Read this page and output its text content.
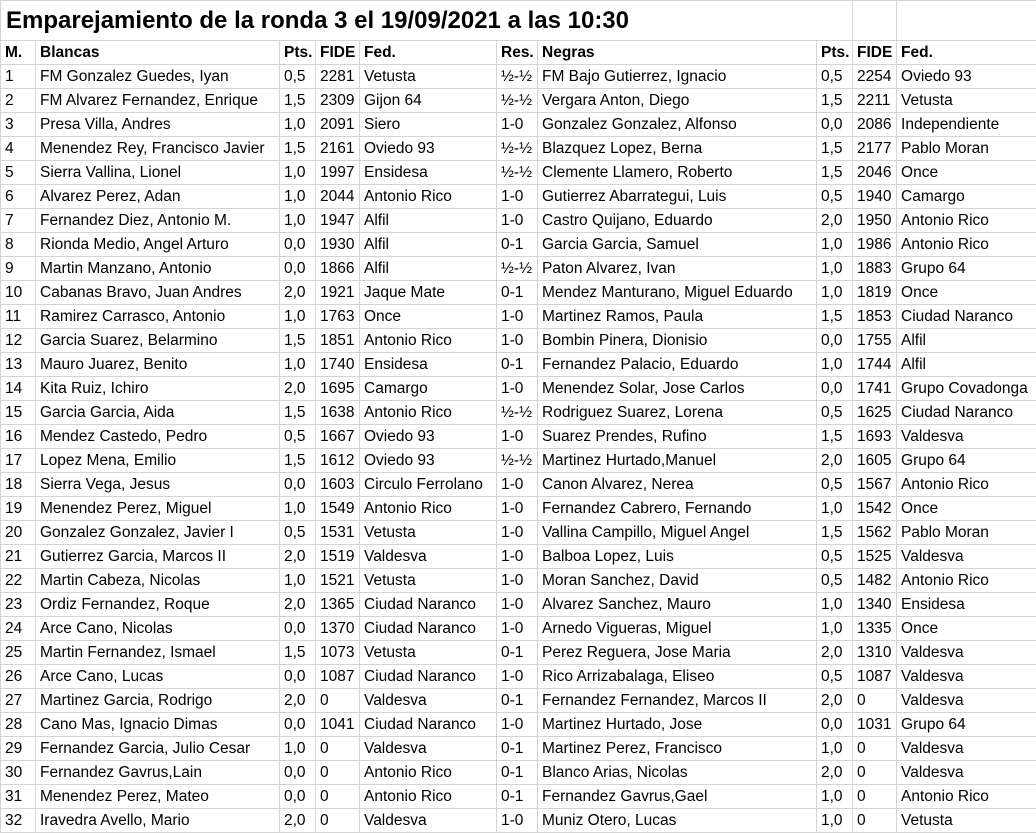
Emparejamiento de la ronda 3 el 19/09/2021 a las 10:30									
M.	Blancas	Pts.	FIDE	Fed.	Res.	Negras	Pts.	FIDE	Fed.
1	FM Gonzalez Guedes, Iyan	0,5	2281	Vetusta	½-½	FM Bajo Gutierrez, Ignacio	0,5	2254	Oviedo 93
2	FM Alvarez Fernandez, Enrique	1,5	2309	Gijon 64	½-½	Vergara Anton, Diego	1,5	2211	Vetusta
3	Presa Villa, Andres	1,0	2091	Siero	1-0	Gonzalez Gonzalez, Alfonso	0,0	2086	Independiente
4	Menendez Rey, Francisco Javier	1,5	2161	Oviedo 93	½-½	Blazquez Lopez, Berna	1,5	2177	Pablo Moran
5	Sierra Vallina, Lionel	1,0	1997	Ensidesa	½-½	Clemente Llamero, Roberto	1,5	2046	Once
6	Alvarez Perez, Adan	1,0	2044	Antonio Rico	1-0	Gutierrez Abarrategui, Luis	0,5	1940	Camargo
7	Fernandez Diez, Antonio M.	1,0	1947	Alfil	1-0	Castro Quijano, Eduardo	2,0	1950	Antonio Rico
8	Rionda Medio, Angel Arturo	0,0	1930	Alfil	0-1	Garcia Garcia, Samuel	1,0	1986	Antonio Rico
9	Martin Manzano, Antonio	0,0	1866	Alfil	½-½	Paton Alvarez, Ivan	1,0	1883	Grupo 64
10	Cabanas Bravo, Juan Andres	2,0	1921	Jaque Mate	0-1	Mendez Manturano, Miguel Eduardo	1,0	1819	Once
11	Ramirez Carrasco, Antonio	1,0	1763	Once	1-0	Martinez Ramos, Paula	1,5	1853	Ciudad Naranco
12	Garcia Suarez, Belarmino	1,5	1851	Antonio Rico	1-0	Bombin Pinera, Dionisio	0,0	1755	Alfil
13	Mauro Juarez, Benito	1,0	1740	Ensidesa	0-1	Fernandez Palacio, Eduardo	1,0	1744	Alfil
14	Kita Ruiz, Ichiro	2,0	1695	Camargo	1-0	Menendez Solar, Jose Carlos	0,0	1741	Grupo Covadonga
15	Garcia Garcia, Aida	1,5	1638	Antonio Rico	½-½	Rodriguez Suarez, Lorena	0,5	1625	Ciudad Naranco
16	Mendez Castedo, Pedro	0,5	1667	Oviedo 93	1-0	Suarez Prendes, Rufino	1,5	1693	Valdesva
17	Lopez Mena, Emilio	1,5	1612	Oviedo 93	½-½	Martinez Hurtado,Manuel	2,0	1605	Grupo 64
18	Sierra Vega, Jesus	0,0	1603	Circulo Ferrolano	1-0	Canon Alvarez, Nerea	0,5	1567	Antonio Rico
19	Menendez Perez, Miguel	1,0	1549	Antonio Rico	1-0	Fernandez Cabrero, Fernando	1,0	1542	Once
20	Gonzalez Gonzalez, Javier I	0,5	1531	Vetusta	1-0	Vallina Campillo, Miguel Angel	1,5	1562	Pablo Moran
21	Gutierrez Garcia, Marcos II	2,0	1519	Valdesva	1-0	Balboa Lopez, Luis	0,5	1525	Valdesva
22	Martin Cabeza, Nicolas	1,0	1521	Vetusta	1-0	Moran Sanchez, David	0,5	1482	Antonio Rico
23	Ordiz Fernandez, Roque	2,0	1365	Ciudad Naranco	1-0	Alvarez Sanchez, Mauro	1,0	1340	Ensidesa
24	Arce Cano, Nicolas	0,0	1370	Ciudad Naranco	1-0	Arnedo Vigueras, Miguel	1,0	1335	Once
25	Martin Fernandez, Ismael	1,5	1073	Vetusta	0-1	Perez Reguera, Jose Maria	2,0	1310	Valdesva
26	Arce Cano, Lucas	0,0	1087	Ciudad Naranco	1-0	Rico Arrizabalaga, Eliseo	0,5	1087	Valdesva
27	Martinez Garcia, Rodrigo	2,0	0	Valdesva	0-1	Fernandez Fernandez, Marcos II	2,0	0	Valdesva
28	Cano Mas, Ignacio Dimas	0,0	1041	Ciudad Naranco	1-0	Martinez Hurtado, Jose	0,0	1031	Grupo 64
29	Fernandez Garcia, Julio Cesar	1,0	0	Valdesva	0-1	Martinez Perez, Francisco	1,0	0	Valdesva
30	Fernandez Gavrus,Lain	0,0	0	Antonio Rico	0-1	Blanco Arias, Nicolas	2,0	0	Valdesva
31	Menendez Perez, Mateo	0,0	0	Antonio Rico	0-1	Fernandez Gavrus,Gael	1,0	0	Antonio Rico
32	Iravedra Avello, Mario	2,0	0	Valdesva	1-0	Muniz Otero, Lucas	1,0	0	Vetusta
